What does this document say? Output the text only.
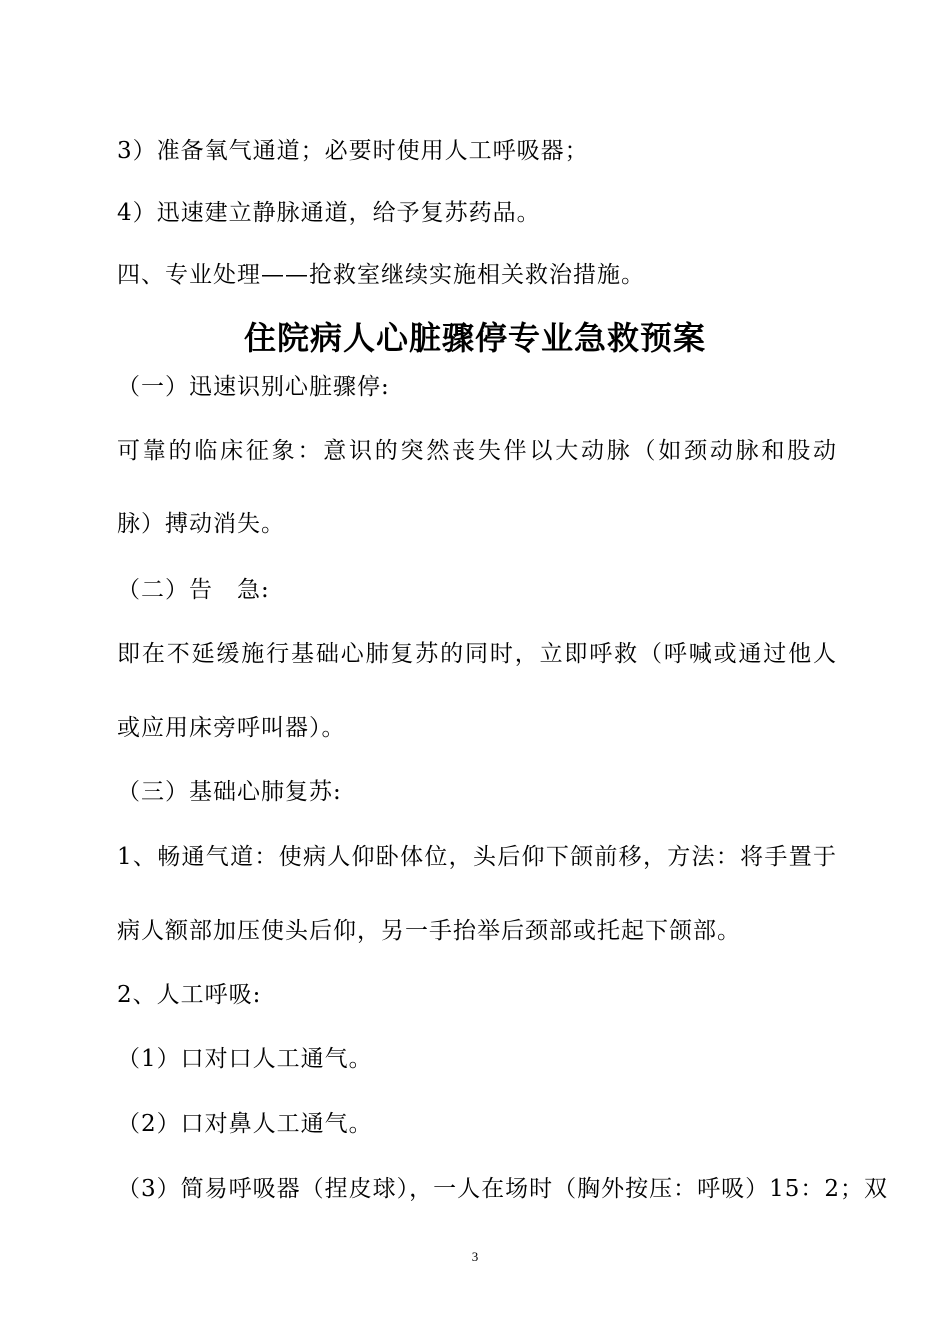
3）准备氧气通道；必要时使用人工呼吸器；
4）迅速建立静脉通道，给予复苏药品。
四、专业处理——抢救室继续实施相关救治措施。
住院病人心脏骤停专业急救预案
（一）迅速识别心脏骤停:
可靠的临床征象：意识的突然丧失伴以大动脉（如颈动脉和股动
脉）搏动消失。
（二）告　急:
即在不延缓施行基础心肺复苏的同时，立即呼救（呼喊或通过他人
或应用床旁呼叫器）。
（三）基础心肺复苏:
1、畅通气道：使病人仰卧体位，头后仰下颌前移，方法：将手置于
病人额部加压使头后仰，另一手抬举后颈部或托起下颌部。
2、人工呼吸:
（1）口对口人工通气。
（2）口对鼻人工通气。
（3）简易呼吸器（捏皮球），一人在场时（胸外按压：呼吸）15：2；双
3
